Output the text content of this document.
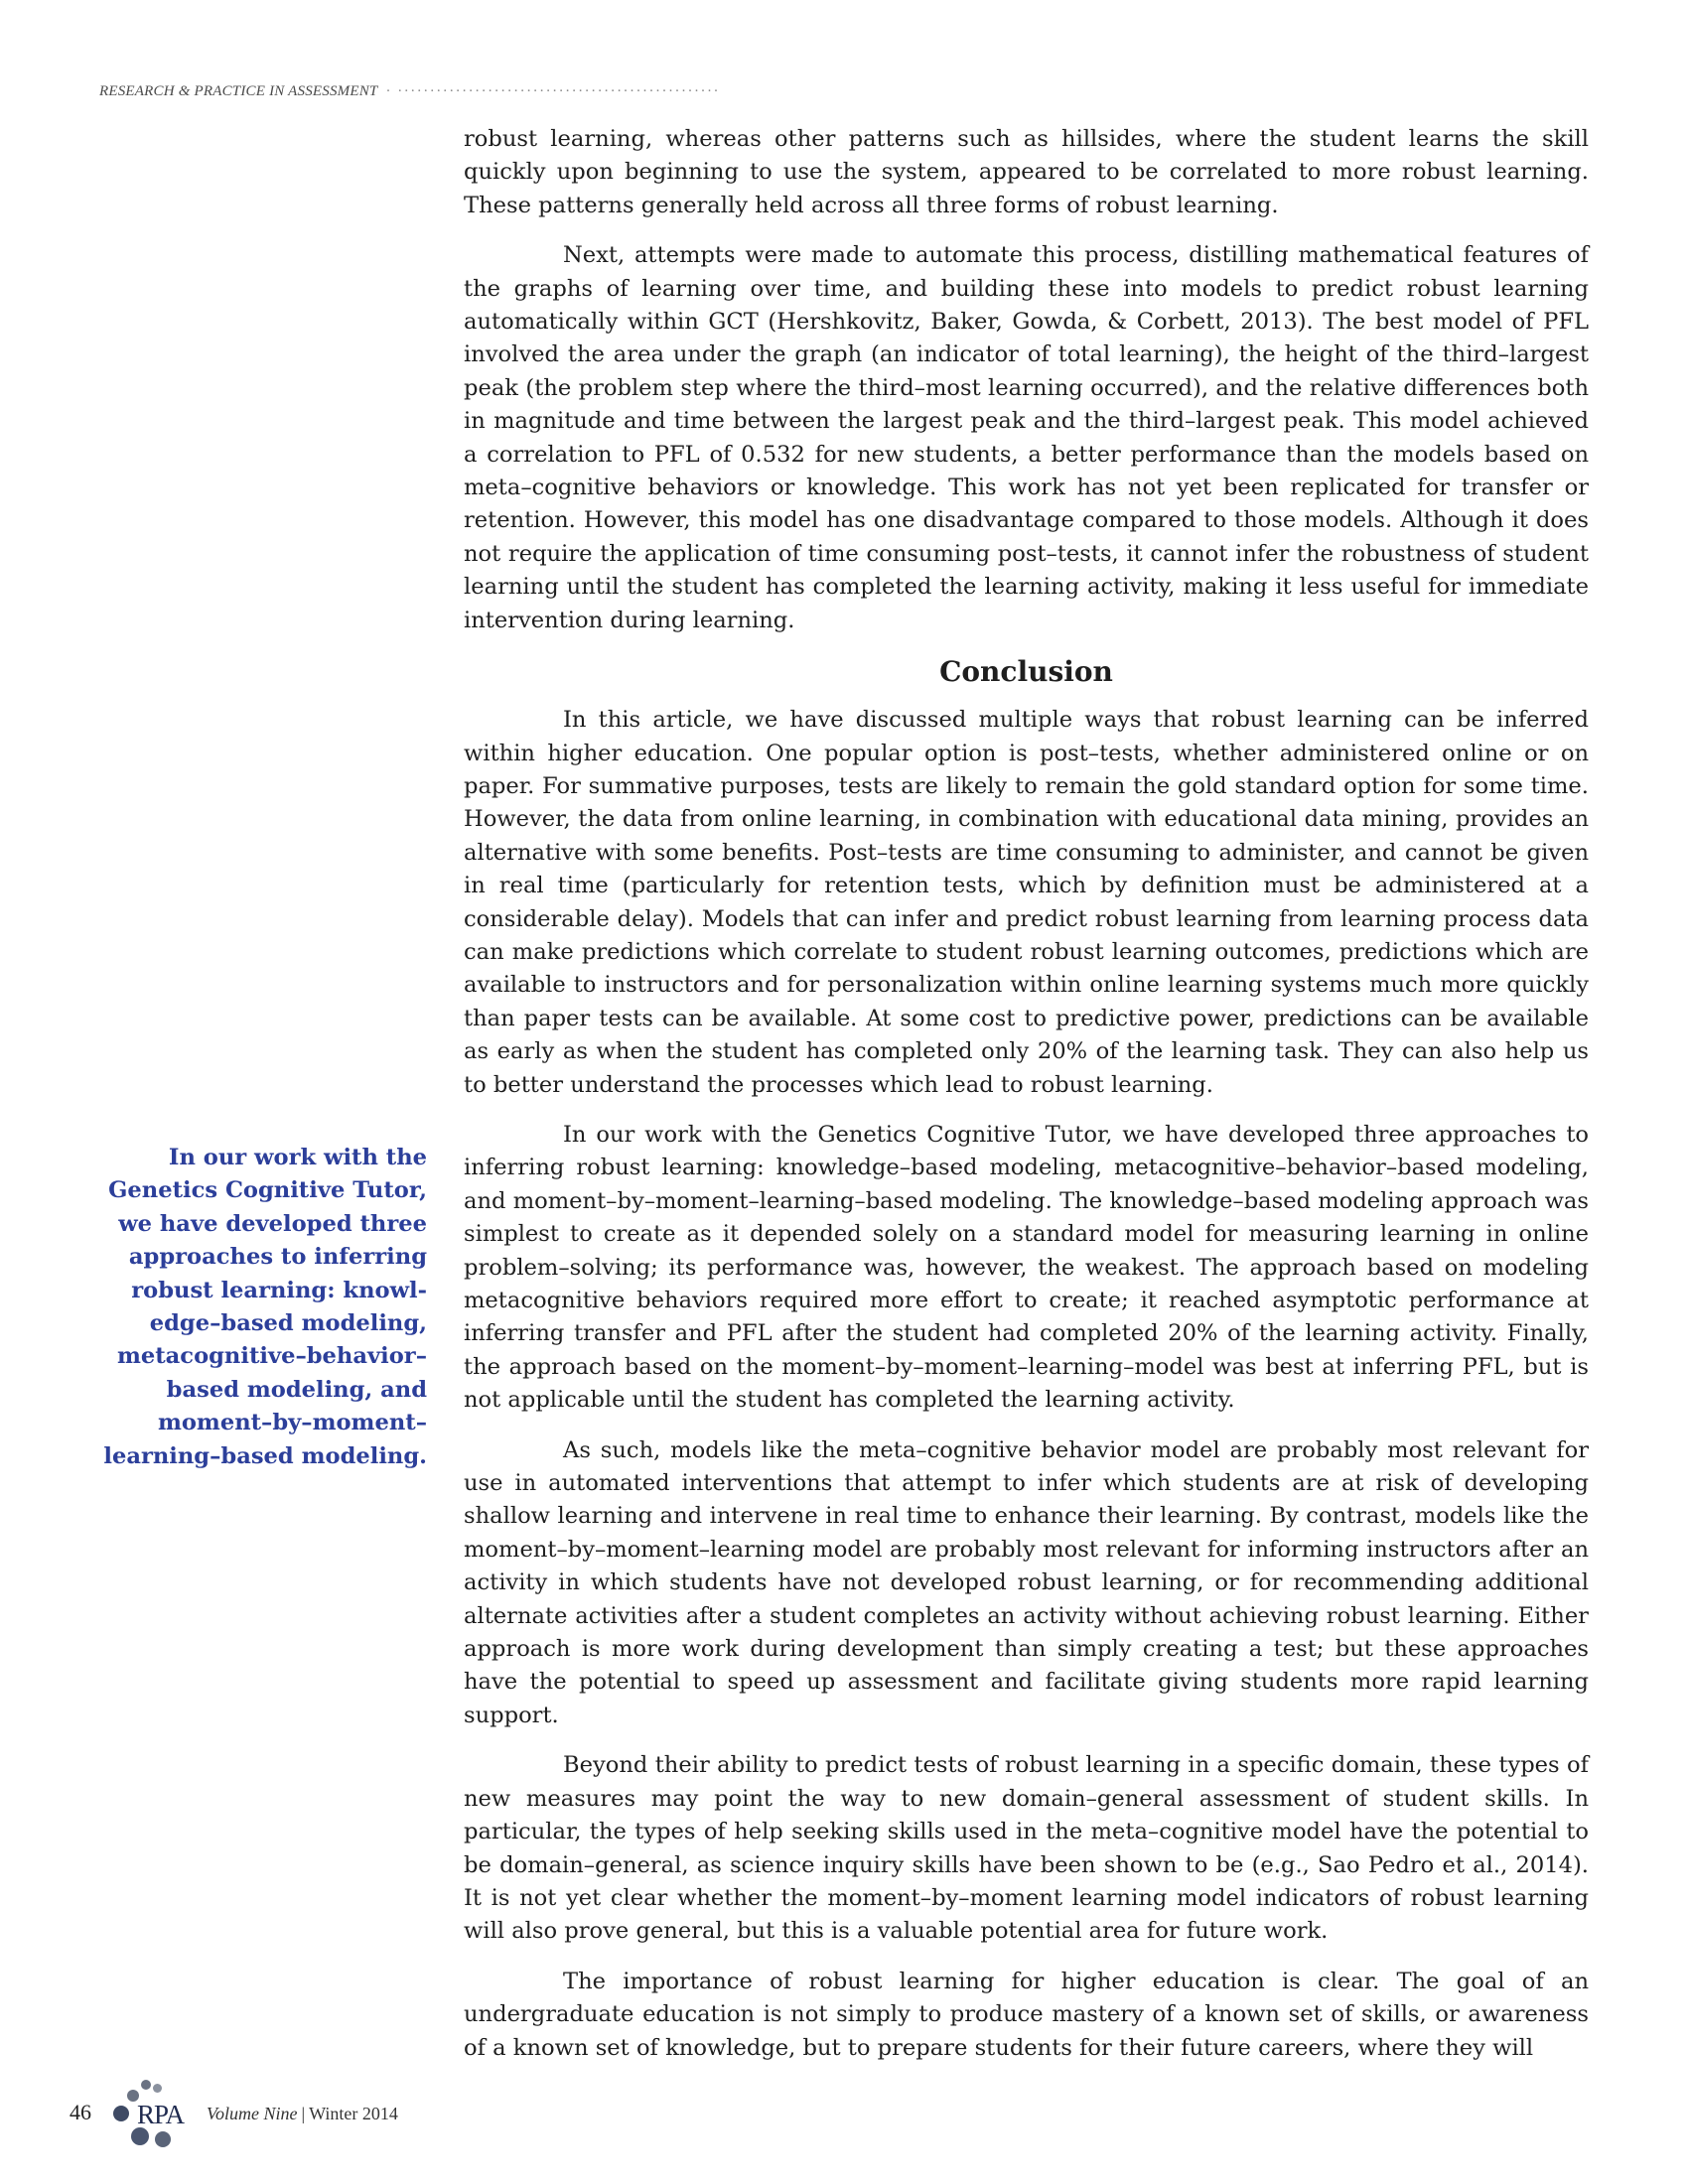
RESEARCH & PRACTICE IN ASSESSMENT · ··················································

robust learning, whereas other patterns such as hillsides, where the student learns the skill quickly upon beginning to use the system, appeared to be correlated to more robust learning. These patterns generally held across all three forms of robust learning.

Next, attempts were made to automate this process, distilling mathematical features of the graphs of learning over time, and building these into models to predict robust learning automatically within GCT (Hershkovitz, Baker, Gowda, & Corbett, 2013). The best model of PFL involved the area under the graph (an indicator of total learning), the height of the third–largest peak (the problem step where the third–most learning occurred), and the relative differences both in magnitude and time between the largest peak and the third–largest peak. This model achieved a correlation to PFL of 0.532 for new students, a better performance than the models based on meta–cognitive behaviors or knowledge. This work has not yet been replicated for transfer or retention. However, this model has one disadvantage compared to those models. Although it does not require the application of time consuming post–tests, it cannot infer the robustness of student learning until the student has completed the learning activity, making it less useful for immediate intervention during learning.

Conclusion

In this article, we have discussed multiple ways that robust learning can be inferred within higher education. One popular option is post–tests, whether administered online or on paper. For summative purposes, tests are likely to remain the gold standard option for some time. However, the data from online learning, in combination with educational data mining, provides an alternative with some benefits. Post–tests are time consuming to administer, and cannot be given in real time (particularly for retention tests, which by definition must be administered at a considerable delay). Models that can infer and predict robust learning from learning process data can make predictions which correlate to student robust learning outcomes, predictions which are available to instructors and for personalization within online learning systems much more quickly than paper tests can be available. At some cost to predictive power, predictions can be available as early as when the student has completed only 20% of the learning task. They can also help us to better understand the processes which lead to robust learning.

In our work with the Genetics Cognitive Tutor, we have developed three approaches to inferring robust learning: knowledge–based modeling, metacognitive–behavior–based modeling, and moment–by–moment–learning–based modeling. The knowledge–based modeling approach was simplest to create as it depended solely on a standard model for measuring learning in online problem–solving; its performance was, however, the weakest. The approach based on modeling metacognitive behaviors required more effort to create; it reached asymptotic performance at inferring transfer and PFL after the student had completed 20% of the learning activity. Finally, the approach based on the moment–by–moment–learning–model was best at inferring PFL, but is not applicable until the student has completed the learning activity.

As such, models like the meta–cognitive behavior model are probably most relevant for use in automated interventions that attempt to infer which students are at risk of developing shallow learning and intervene in real time to enhance their learning. By contrast, models like the moment–by–moment–learning model are probably most relevant for informing instructors after an activity in which students have not developed robust learning, or for recommending additional alternate activities after a student completes an activity without achieving robust learning. Either approach is more work during development than simply creating a test; but these approaches have the potential to speed up assessment and facilitate giving students more rapid learning support.

Beyond their ability to predict tests of robust learning in a specific domain, these types of new measures may point the way to new domain–general assessment of student skills. In particular, the types of help seeking skills used in the meta–cognitive model have the potential to be domain–general, as science inquiry skills have been shown to be (e.g., Sao Pedro et al., 2014). It is not yet clear whether the moment–by–moment learning model indicators of robust learning will also prove general, but this is a valuable potential area for future work.

The importance of robust learning for higher education is clear. The goal of an undergraduate education is not simply to produce mastery of a known set of skills, or awareness of a known set of knowledge, but to prepare students for their future careers, where they will

In our work with the Genetics Cognitive Tutor, we have developed three approaches to inferring robust learning: knowledge–based modeling, metacognitive–behavior–based modeling, and moment–by–moment–learning–based modeling.
46 RPA Volume Nine | Winter 2014
